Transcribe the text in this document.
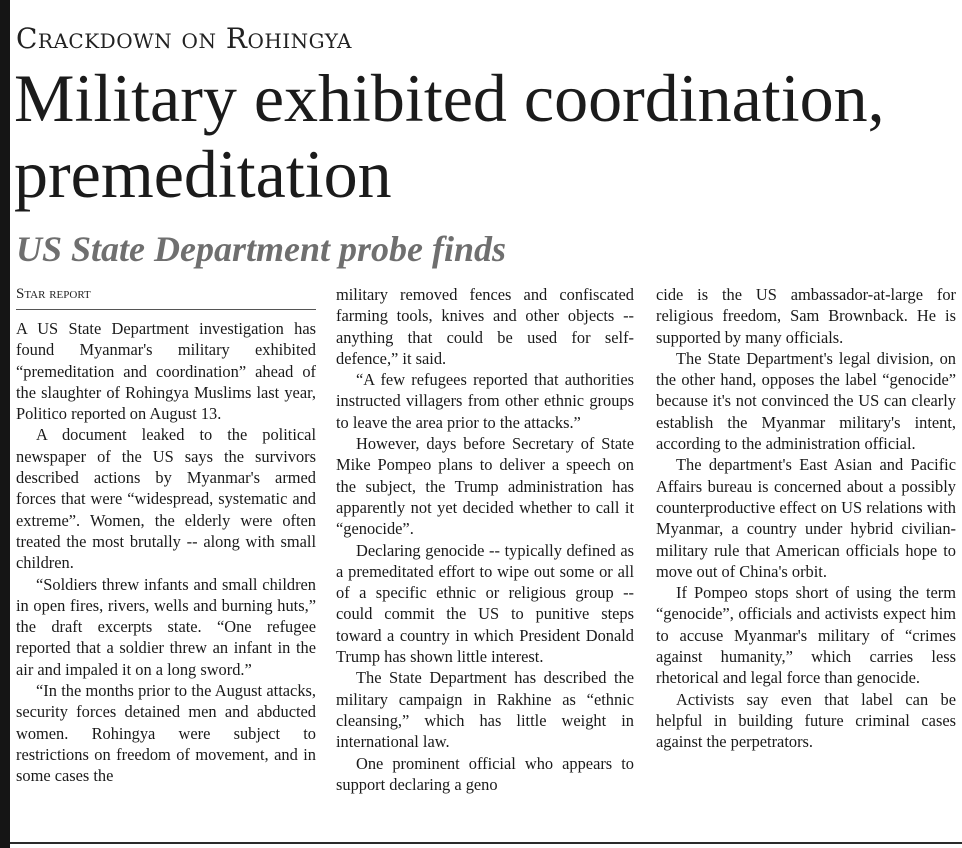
Crackdown on Rohingya
Military exhibited coordination, premeditation
US State Department probe finds
Star report

A US State Department investigation has found Myanmar's military exhibited “premeditation and coordination” ahead of the slaughter of Rohingya Muslims last year, Politico reported on August 13.

A document leaked to the political newspaper of the US says the survivors described actions by Myanmar's armed forces that were “widespread, systematic and extreme”. Women, the elderly were often treated the most brutally -- along with small children.

“Soldiers threw infants and small children in open fires, rivers, wells and burning huts,” the draft excerpts state. “One refugee reported that a soldier threw an infant in the air and impaled it on a long sword.”

“In the months prior to the August attacks, security forces detained men and abducted women. Rohingya were subject to restrictions on freedom of movement, and in some cases the

military removed fences and confiscated farming tools, knives and other objects -- anything that could be used for self-defence,” it said.

“A few refugees reported that authorities instructed villagers from other ethnic groups to leave the area prior to the attacks.”

However, days before Secretary of State Mike Pompeo plans to deliver a speech on the subject, the Trump administration has apparently not yet decided whether to call it “genocide”.

Declaring genocide -- typically defined as a premeditated effort to wipe out some or all of a specific ethnic or religious group -- could commit the US to punitive steps toward a country in which President Donald Trump has shown little interest.

The State Department has described the military campaign in Rakhine as “ethnic cleansing,” which has little weight in international law.

One prominent official who appears to support declaring a geno

cide is the US ambassador-at-large for religious freedom, Sam Brownback. He is supported by many officials.

The State Department's legal division, on the other hand, opposes the label “genocide” because it's not convinced the US can clearly establish the Myanmar military's intent, according to the administration official.

The department's East Asian and Pacific Affairs bureau is concerned about a possibly counterproductive effect on US relations with Myanmar, a country under hybrid civilian-military rule that American officials hope to move out of China's orbit.

If Pompeo stops short of using the term “genocide”, officials and activists expect him to accuse Myanmar's military of “crimes against humanity,” which carries less rhetorical and legal force than genocide.

Activists say even that label can be helpful in building future criminal cases against the perpetrators.
